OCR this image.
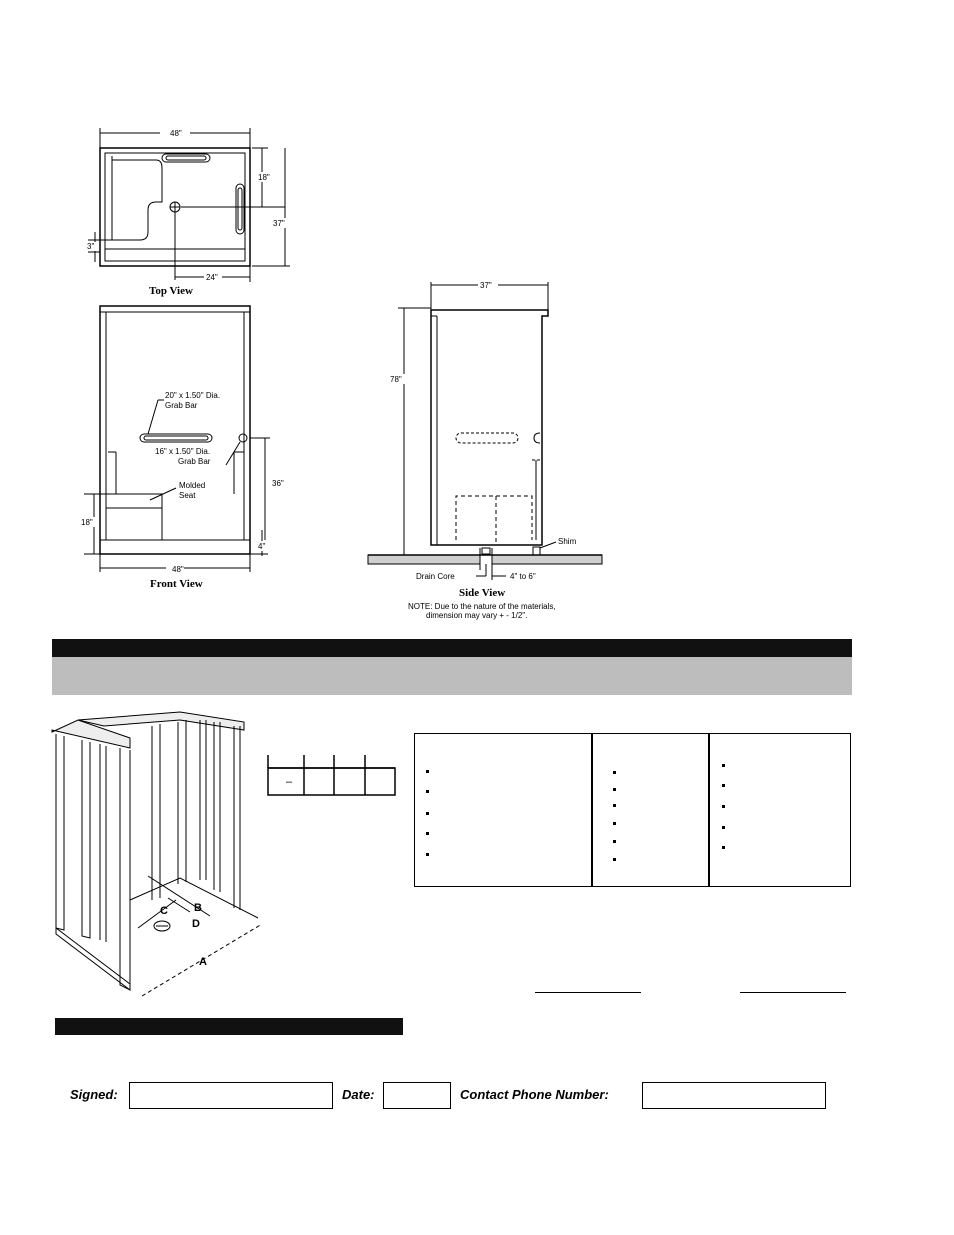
48"
18"
37"
3"
24"
Top View
20" x 1.50" Dia.
Grab Bar
16" x 1.50" Dia.
Grab Bar
Molded
Seat
36"
4"
18"
48"
Front View
37"
78"
Shim
Drain Core	4" to 6"
Side View
NOTE: Due to the nature of the materials,
dimension may vary + - 1/2".
A
B
C
D
–
Signed:	Date:	Contact Phone Number:
